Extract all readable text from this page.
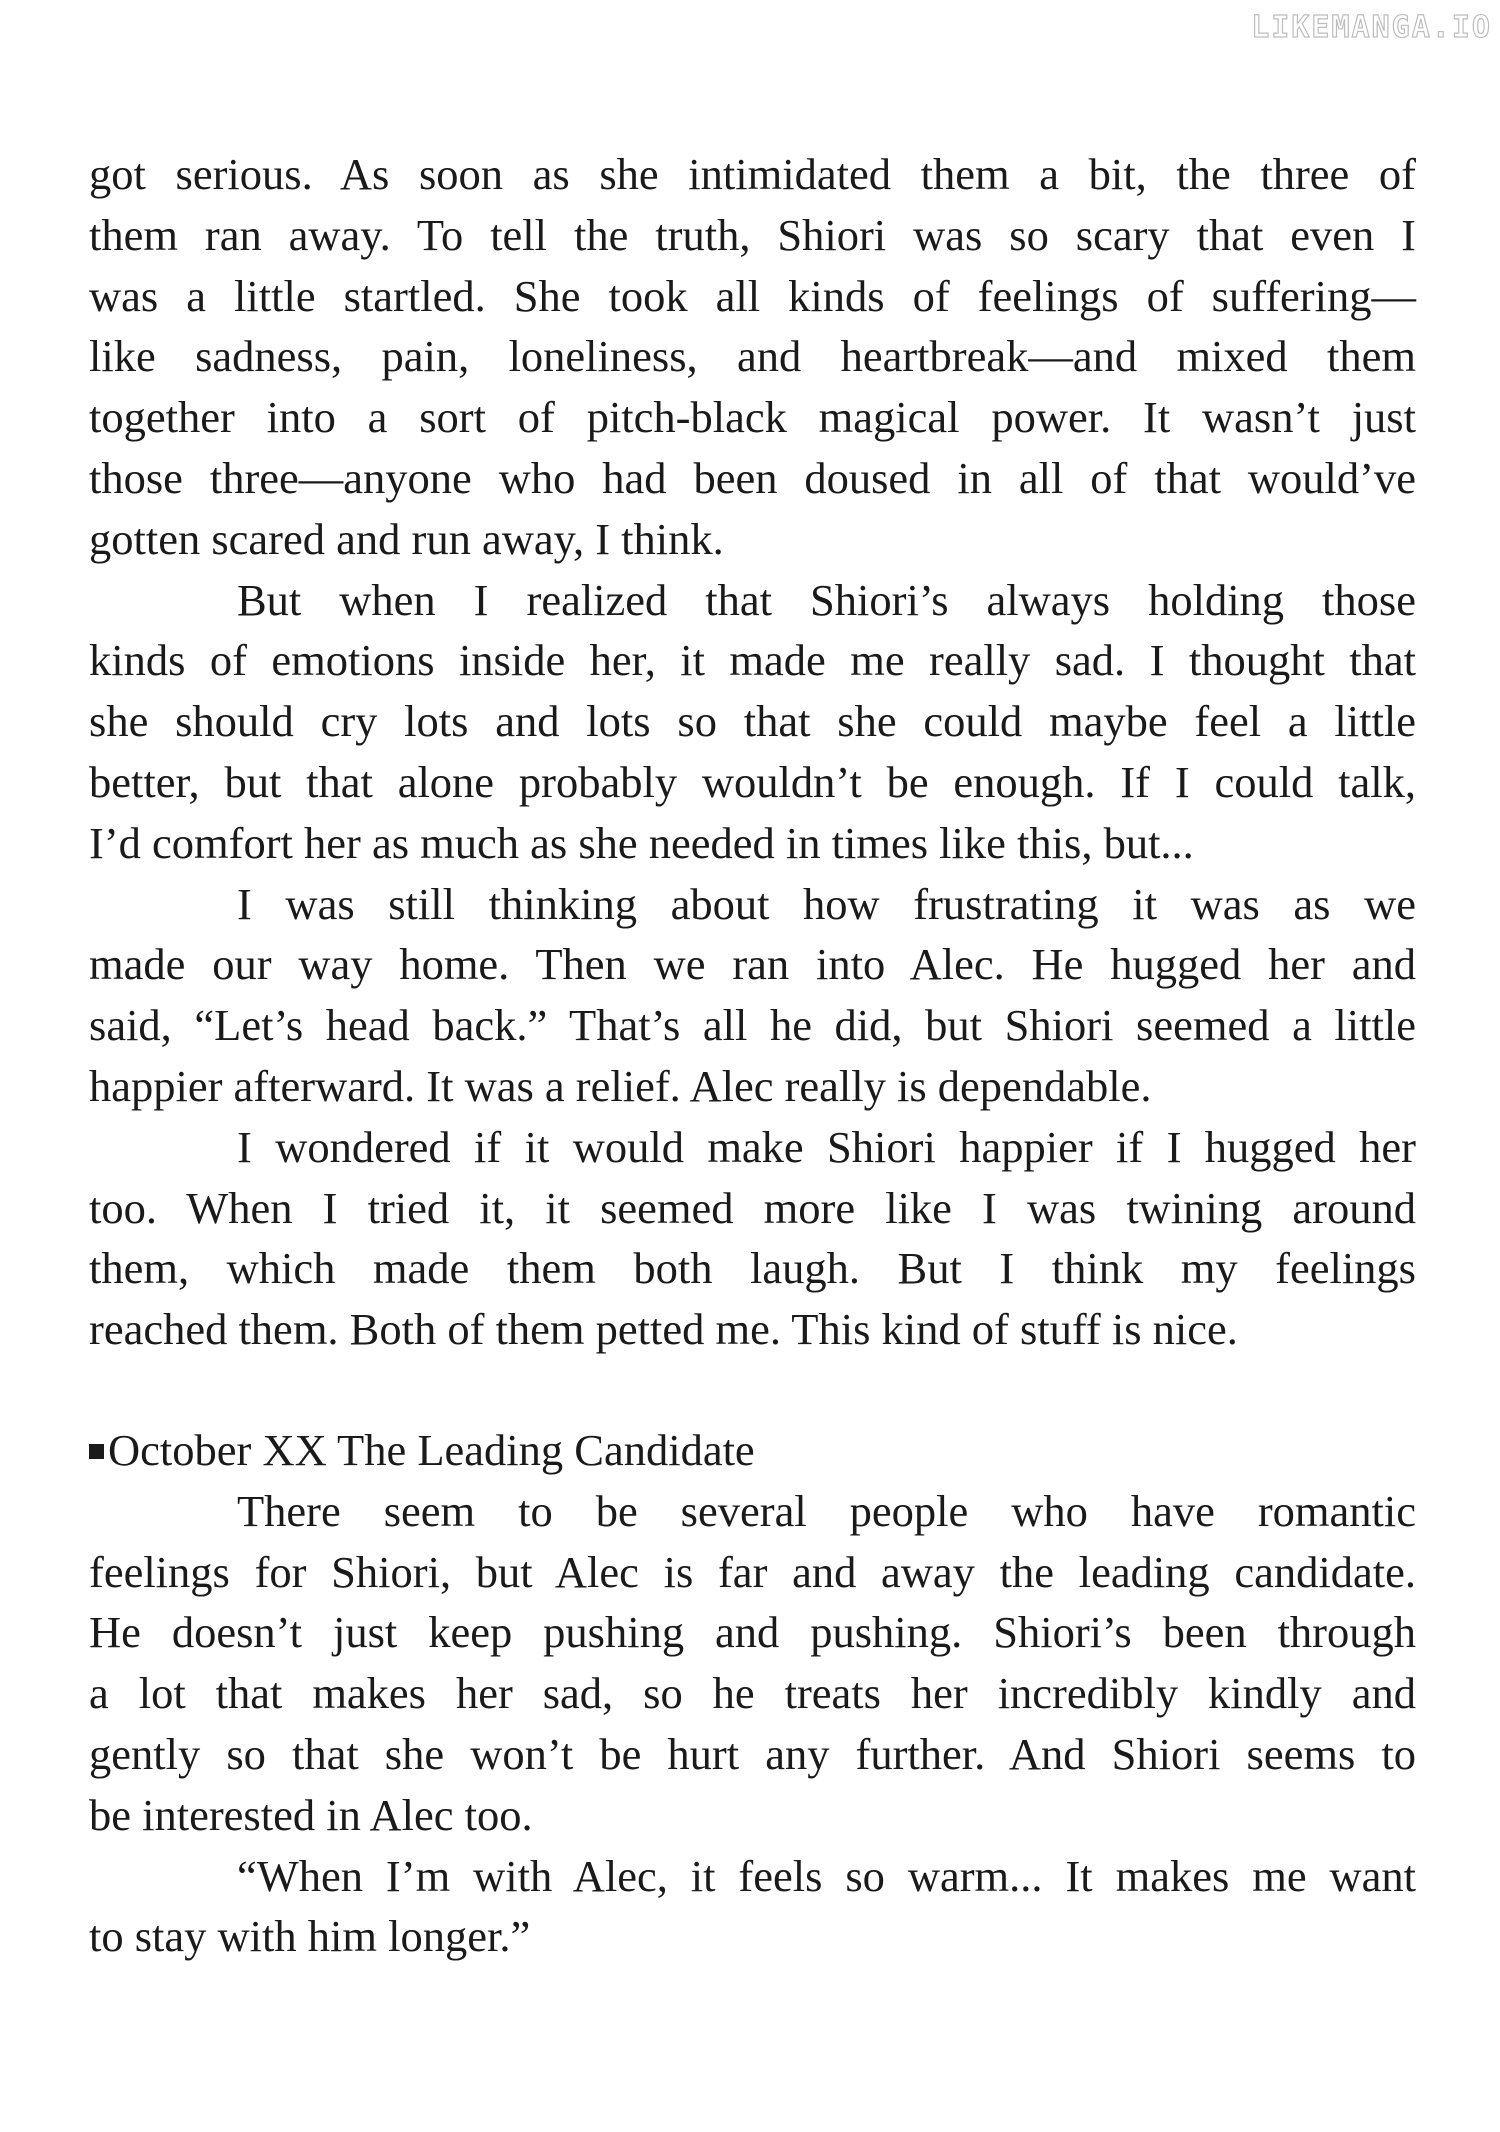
LIKEMANGA.IO
got serious. As soon as she intimidated them a bit, the three of
them ran away. To tell the truth, Shiori was so scary that even I
was a little startled. She took all kinds of feelings of suffering—
like sadness, pain, loneliness, and heartbreak—and mixed them
together into a sort of pitch-black magical power. It wasn’t just
those three—anyone who had been doused in all of that would’ve
gotten scared and run away, I think.
But when I realized that Shiori’s always holding those
kinds of emotions inside her, it made me really sad. I thought that
she should cry lots and lots so that she could maybe feel a little
better, but that alone probably wouldn’t be enough. If I could talk,
I’d comfort her as much as she needed in times like this, but...
I was still thinking about how frustrating it was as we
made our way home. Then we ran into Alec. He hugged her and
said, “Let’s head back.” That’s all he did, but Shiori seemed a little
happier afterward. It was a relief. Alec really is dependable.
I wondered if it would make Shiori happier if I hugged her
too. When I tried it, it seemed more like I was twining around
them, which made them both laugh. But I think my feelings
reached them. Both of them petted me. This kind of stuff is nice.
October XX The Leading Candidate
There seem to be several people who have romantic
feelings for Shiori, but Alec is far and away the leading candidate.
He doesn’t just keep pushing and pushing. Shiori’s been through
a lot that makes her sad, so he treats her incredibly kindly and
gently so that she won’t be hurt any further. And Shiori seems to
be interested in Alec too.
“When I’m with Alec, it feels so warm... It makes me want
to stay with him longer.”
